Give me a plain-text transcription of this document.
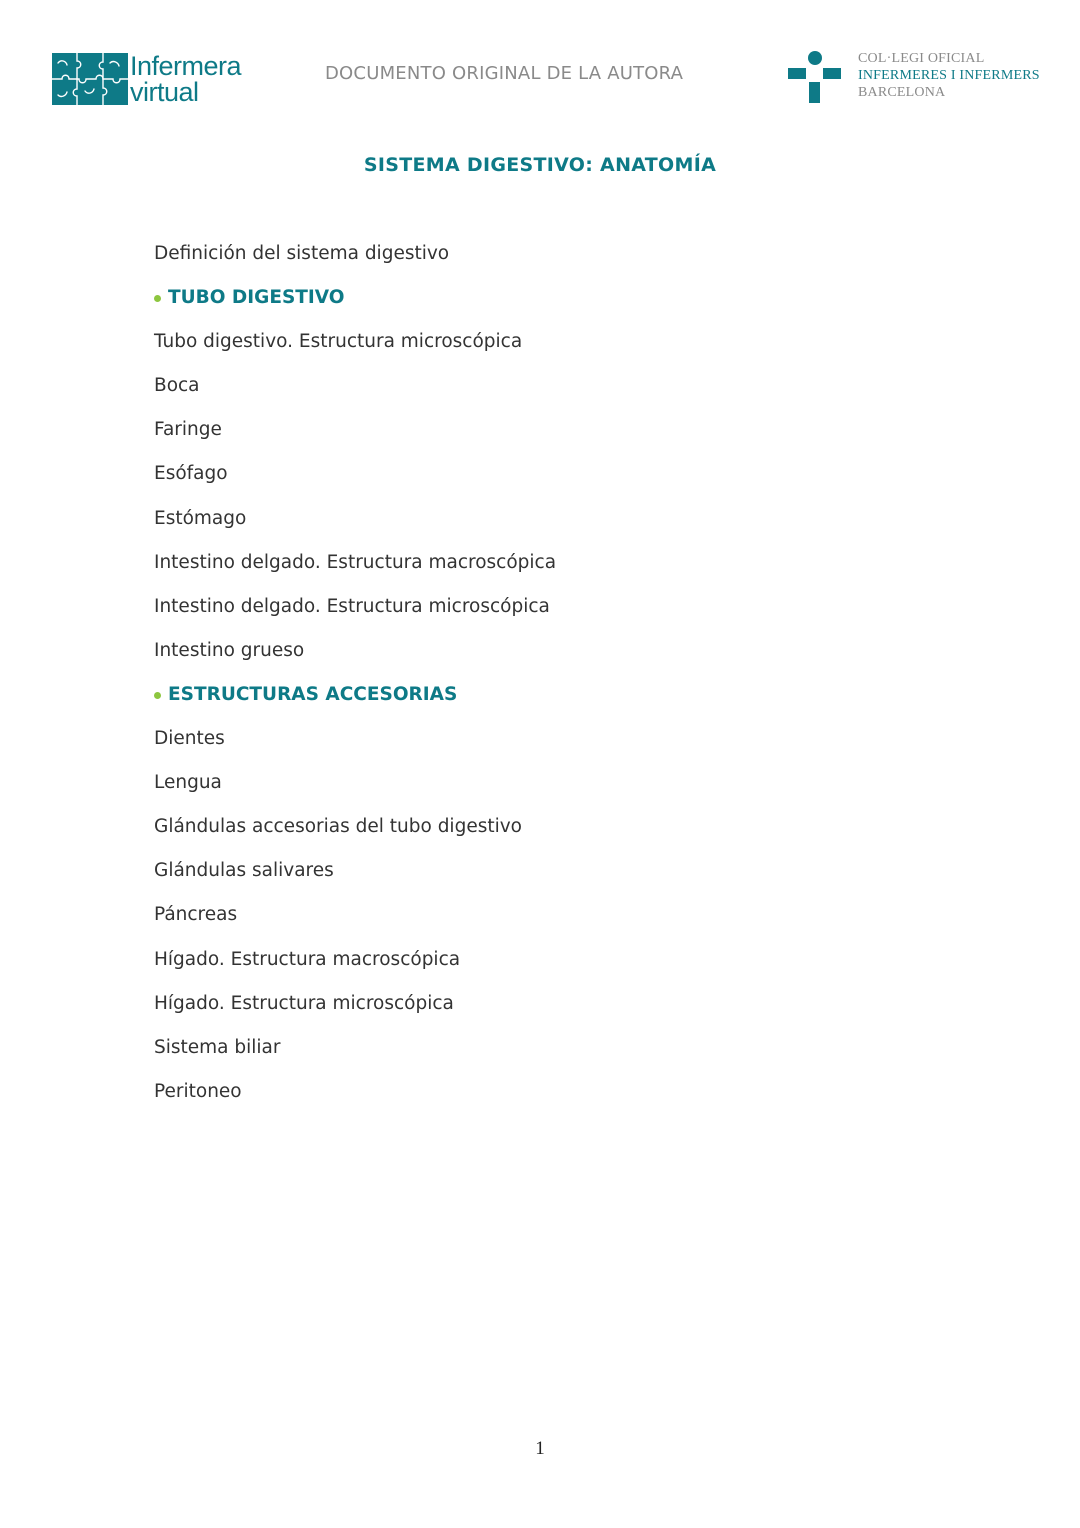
Infermera
virtual
DOCUMENTO ORIGINAL DE LA AUTORA
COL·LEGI OFICIAL
INFERMERES I INFERMERS
BARCELONA
SISTEMA DIGESTIVO: ANATOMÍA
Definición del sistema digestivo
TUBO DIGESTIVO
Tubo digestivo. Estructura microscópica
Boca
Faringe
Esófago
Estómago
Intestino delgado. Estructura macroscópica
Intestino delgado. Estructura microscópica
Intestino grueso
ESTRUCTURAS ACCESORIAS
Dientes
Lengua
Glándulas accesorias del tubo digestivo
Glándulas salivares
Páncreas
Hígado. Estructura macroscópica
Hígado. Estructura microscópica
Sistema biliar
Peritoneo
1
